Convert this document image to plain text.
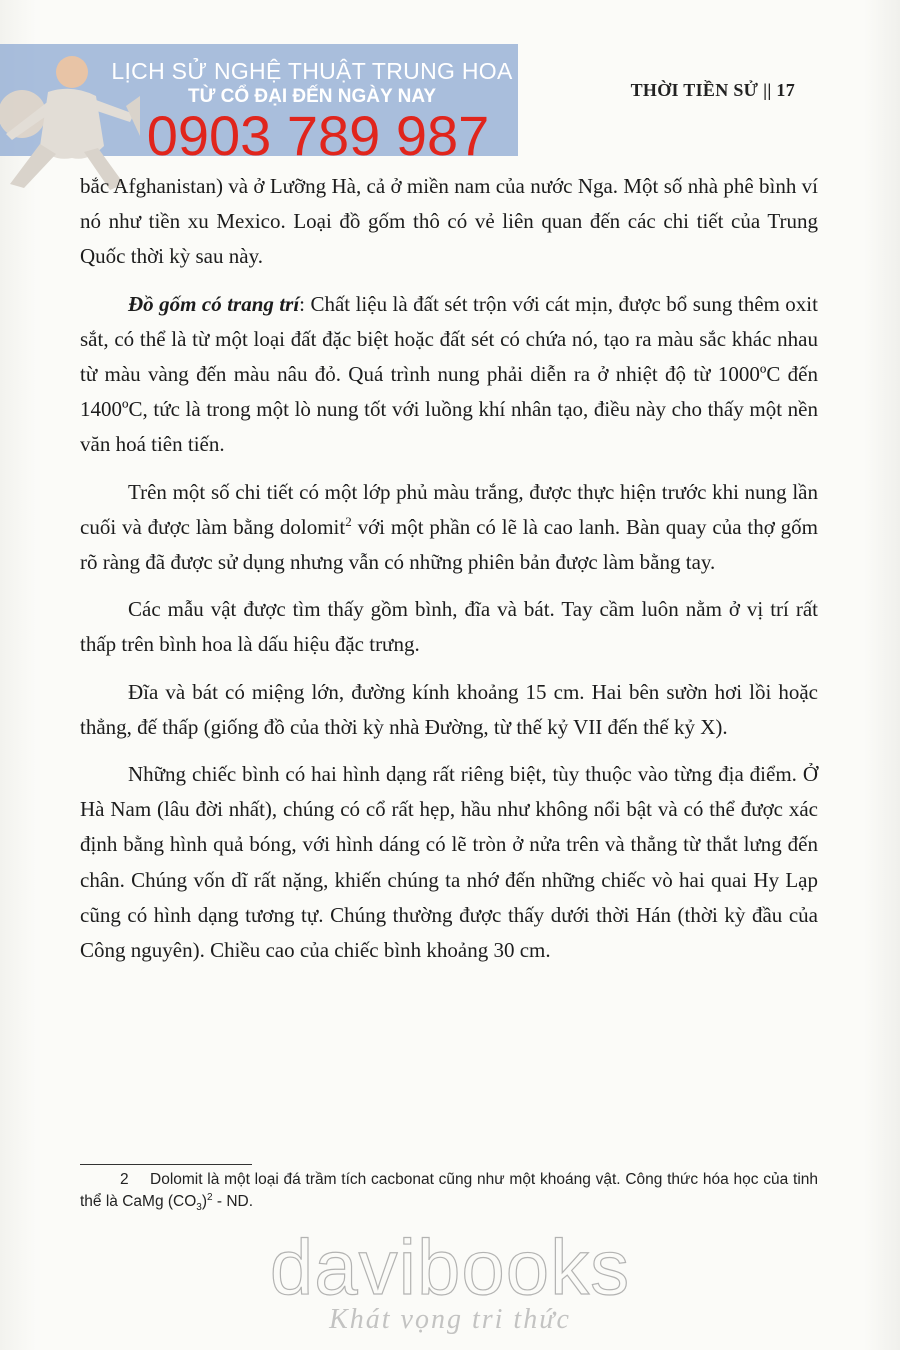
LỊCH SỬ NGHỆ THUẬT TRUNG HOA
TỪ CỔ ĐẠI ĐẾN NGÀY NAY
0903 789 987
THỜI TIỀN SỬ || 17

bắc Afghanistan) và ở Lưỡng Hà, cả ở miền nam của nước Nga. Một số nhà phê bình ví nó như tiền xu Mexico. Loại đồ gốm thô có vẻ liên quan đến các chi tiết của Trung Quốc thời kỳ sau này.

Đồ gốm có trang trí: Chất liệu là đất sét trộn với cát mịn, được bổ sung thêm oxit sắt, có thể là từ một loại đất đặc biệt hoặc đất sét có chứa nó, tạo ra màu sắc khác nhau từ màu vàng đến màu nâu đỏ. Quá trình nung phải diễn ra ở nhiệt độ từ 1000ºC đến 1400ºC, tức là trong một lò nung tốt với luồng khí nhân tạo, điều này cho thấy một nền văn hoá tiên tiến.

Trên một số chi tiết có một lớp phủ màu trắng, được thực hiện trước khi nung lần cuối và được làm bằng dolomit$^2$ với một phần có lẽ là cao lanh. Bàn quay của thợ gốm rõ ràng đã được sử dụng nhưng vẫn có những phiên bản được làm bằng tay.

Các mẫu vật được tìm thấy gồm bình, đĩa và bát. Tay cầm luôn nằm ở vị trí rất thấp trên bình hoa là dấu hiệu đặc trưng.

Đĩa và bát có miệng lớn, đường kính khoảng 15 cm. Hai bên sườn hơi lồi hoặc thẳng, đế thấp (giống đồ của thời kỳ nhà Đường, từ thế kỷ VII đến thế kỷ X).

Những chiếc bình có hai hình dạng rất riêng biệt, tùy thuộc vào từng địa điểm. Ở Hà Nam (lâu đời nhất), chúng có cổ rất hẹp, hầu như không nổi bật và có thể được xác định bằng hình quả bóng, với hình dáng có lẽ tròn ở nửa trên và thẳng từ thắt lưng đến chân. Chúng vốn dĩ rất nặng, khiến chúng ta nhớ đến những chiếc vò hai quai Hy Lạp cũng có hình dạng tương tự. Chúng thường được thấy dưới thời Hán (thời kỳ đầu của Công nguyên). Chiều cao của chiếc bình khoảng 30 cm.

2 Dolomit là một loại đá trầm tích cacbonat cũng như một khoáng vật. Công thức hóa học của tinh thể là CaMg $(CO_3)^2$ - ND.
davibooks
Khát vọng tri thức
